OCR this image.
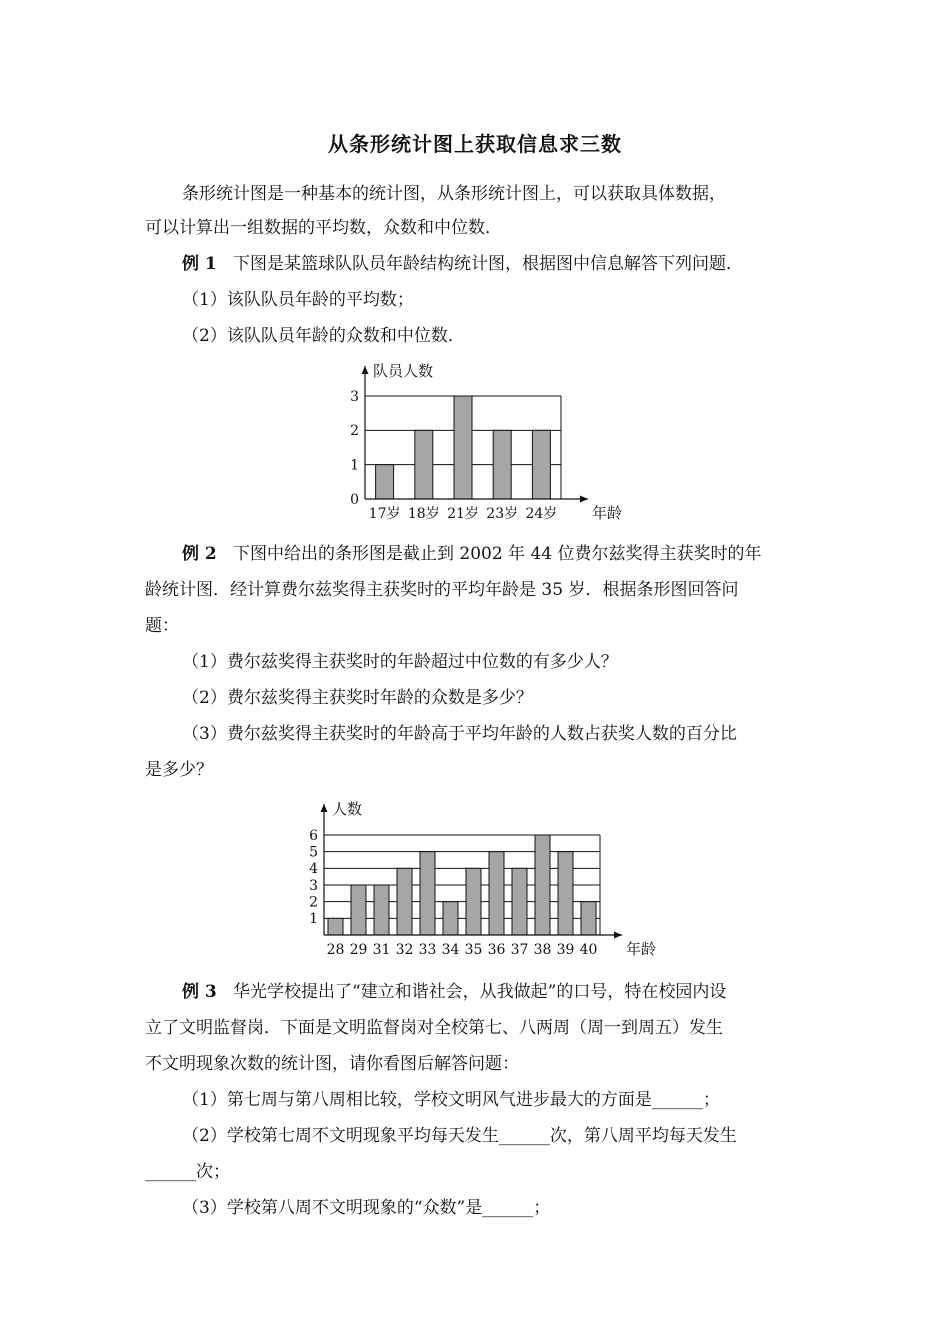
从条形统计图上获取信息求三数
条形统计图是一种基本的统计图，从条形统计图上，可以获取具体数据，
可以计算出一组数据的平均数，众数和中位数．
例 1 下图是某篮球队队员年龄结构统计图，根据图中信息解答下列问题．
（1）该队队员年龄的平均数；
（2）该队队员年龄的众数和中位数．
17岁 18岁 21岁 23岁 24岁
0
1
2
3
队员人数
年龄
例 2 下图中给出的条形图是截止到 2002 年 44 位费尔兹奖得主获奖时的年
龄统计图．经计算费尔兹奖得主获奖时的平均年龄是 35 岁．根据条形图回答问
题：
（1）费尔兹奖得主获奖时的年龄超过中位数的有多少人？
（2）费尔兹奖得主获奖时年龄的众数是多少？
（3）费尔兹奖得主获奖时的年龄高于平均年龄的人数占获奖人数的百分比
是多少？
28 29 31 32 33 34 35 36 37 38 39 40
1
2
3
4
5
6
人数
年龄
例 3 华光学校提出了“建立和谐社会，从我做起”的口号，特在校园内设
立了文明监督岗．下面是文明监督岗对全校第七、八两周（周一到周五）发生
不文明现象次数的统计图，请你看图后解答问题：
（1）第七周与第八周相比较，学校文明风气进步最大的方面是______；
（2）学校第七周不文明现象平均每天发生______次，第八周平均每天发生
______次；
（3）学校第八周不文明现象的“众数”是______；
